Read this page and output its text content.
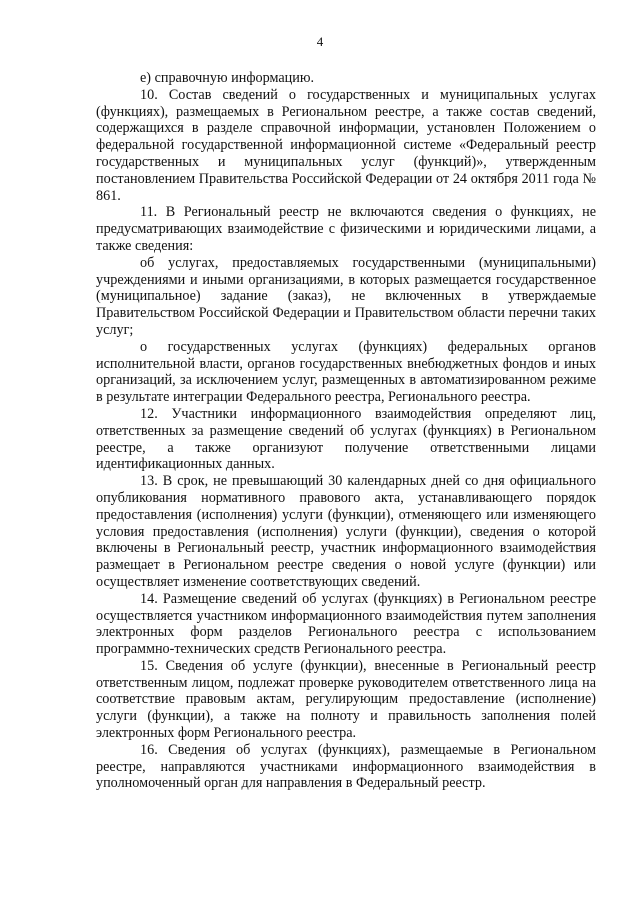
4

е) справочную информацию.

10. Состав сведений о государственных и муниципальных услугах (функциях), размещаемых в Региональном реестре, а также состав сведений, содержащихся в разделе справочной информации, установлен Положением о федеральной государственной информационной системе «Федеральный реестр государственных и муниципальных услуг (функций)», утвержденным постановлением Правительства Российской Федерации от 24 октября 2011 года № 861.

11. В Региональный реестр не включаются сведения о функциях, не предусматривающих взаимодействие с физическими и юридическими лицами, а также сведения:

об услугах, предоставляемых государственными (муниципальными) учреждениями и иными организациями, в которых размещается государственное (муниципальное) задание (заказ), не включенных в утверждаемые Правительством Российской Федерации и Правительством области перечни таких услуг;

о государственных услугах (функциях) федеральных органов исполнительной власти, органов государственных внебюджетных фондов и иных организаций, за исключением услуг, размещенных в автоматизированном режиме в результате интеграции Федерального реестра, Регионального реестра.

12. Участники информационного взаимодействия определяют лиц, ответственных за размещение сведений об услугах (функциях) в Региональном реестре, а также организуют получение ответственными лицами идентификационных данных.

13. В срок, не превышающий 30 календарных дней со дня официального опубликования нормативного правового акта, устанавливающего порядок предоставления (исполнения) услуги (функции), отменяющего или изменяющего условия предоставления (исполнения) услуги (функции), сведения о которой включены в Региональный реестр, участник информационного взаимодействия размещает в Региональном реестре сведения о новой услуге (функции) или осуществляет изменение соответствующих сведений.

14. Размещение сведений об услугах (функциях) в Региональном реестре осуществляется участником информационного взаимодействия путем заполнения электронных форм разделов Регионального реестра с использованием программно-технических средств Регионального реестра.

15. Сведения об услуге (функции), внесенные в Региональный реестр ответственным лицом, подлежат проверке руководителем ответственного лица на соответствие правовым актам, регулирующим предоставление (исполнение) услуги (функции), а также на полноту и правильность заполнения полей электронных форм Регионального реестра.

16. Сведения об услугах (функциях), размещаемые в Региональном реестре, направляются участниками информационного взаимодействия в уполномоченный орган для направления в Федеральный реестр.
